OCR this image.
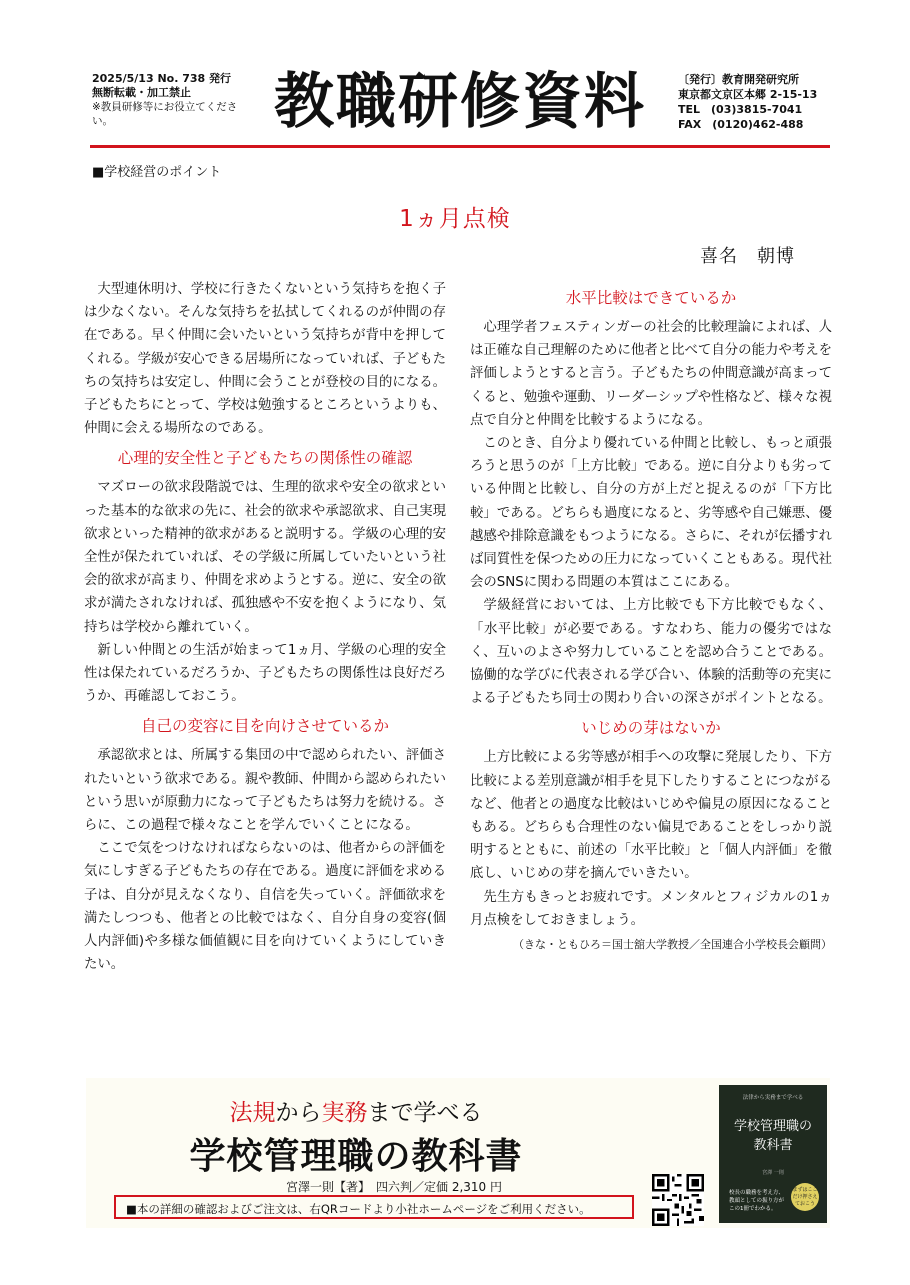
2025/5/13 No. 738 発行
無断転載・加工禁止
※教員研修等にお役立てください。	教職研修資料	〔発行〕教育開発研究所
東京都文京区本郷 2-15-13
TEL　(03)3815-7041
FAX　(0120)462-488
■学校経営のポイント
1ヵ月点検
喜名　朝博

大型連休明け、学校に行きたくないという気持ちを抱く子は少なくない。そんな気持ちを払拭してくれるのが仲間の存在である。早く仲間に会いたいという気持ちが背中を押してくれる。学級が安心できる居場所になっていれば、子どもたちの気持ちは安定し、仲間に会うことが登校の目的になる。子どもたちにとって、学校は勉強するところというよりも、仲間に会える場所なのである。

心理的安全性と子どもたちの関係性の確認

マズローの欲求段階説では、生理的欲求や安全の欲求といった基本的な欲求の先に、社会的欲求や承認欲求、自己実現欲求といった精神的欲求があると説明する。学級の心理的安全性が保たれていれば、その学級に所属していたいという社会的欲求が高まり、仲間を求めようとする。逆に、安全の欲求が満たされなければ、孤独感や不安を抱くようになり、気持ちは学校から離れていく。

新しい仲間との生活が始まって1ヵ月、学級の心理的安全性は保たれているだろうか、子どもたちの関係性は良好だろうか、再確認しておこう。

自己の変容に目を向けさせているか

承認欲求とは、所属する集団の中で認められたい、評価されたいという欲求である。親や教師、仲間から認められたいという思いが原動力になって子どもたちは努力を続ける。さらに、この過程で様々なことを学んでいくことになる。

ここで気をつけなければならないのは、他者からの評価を気にしすぎる子どもたちの存在である。過度に評価を求める子は、自分が見えなくなり、自信を失っていく。評価欲求を満たしつつも、他者との比較ではなく、自分自身の変容(個人内評価)や多様な価値観に目を向けていくようにしていきたい。

水平比較はできているか

心理学者フェスティンガーの社会的比較理論によれば、人は正確な自己理解のために他者と比べて自分の能力や考えを評価しようとすると言う。子どもたちの仲間意識が高まってくると、勉強や運動、リーダーシップや性格など、様々な視点で自分と仲間を比較するようになる。

このとき、自分より優れている仲間と比較し、もっと頑張ろうと思うのが「上方比較」である。逆に自分よりも劣っている仲間と比較し、自分の方が上だと捉えるのが「下方比較」である。どちらも過度になると、劣等感や自己嫌悪、優越感や排除意識をもつようになる。さらに、それが伝播すれば同質性を保つための圧力になっていくこともある。現代社会のSNSに関わる問題の本質はここにある。

学級経営においては、上方比較でも下方比較でもなく、「水平比較」が必要である。すなわち、能力の優劣ではなく、互いのよさや努力していることを認め合うことである。協働的な学びに代表される学び合い、体験的活動等の充実による子どもたち同士の関わり合いの深さがポイントとなる。

いじめの芽はないか

上方比較による劣等感が相手への攻撃に発展したり、下方比較による差別意識が相手を見下したりすることにつながるなど、他者との過度な比較はいじめや偏見の原因になることもある。どちらも合理性のない偏見であることをしっかり説明するとともに、前述の「水平比較」と「個人内評価」を徹底し、いじめの芽を摘んでいきたい。

先生方もきっとお疲れです。メンタルとフィジカルの1ヵ月点検をしておきましょう。

（きな・ともひろ＝国士舘大学教授／全国連合小学校長会顧問）

法規から実務まで学べる
学校管理職の教科書
宮澤一則【著】　四六判／定価 2,310 円
■本の詳細の確認およびご注文は、右QRコードより小社ホームページをご利用ください。
法律から実務まで学べる
学校管理職の
教科書
宮澤 一則
校長の職務を考え方、教頭としての振り方がこの1冊でわかる。
まずはここだけ押さえておこう
